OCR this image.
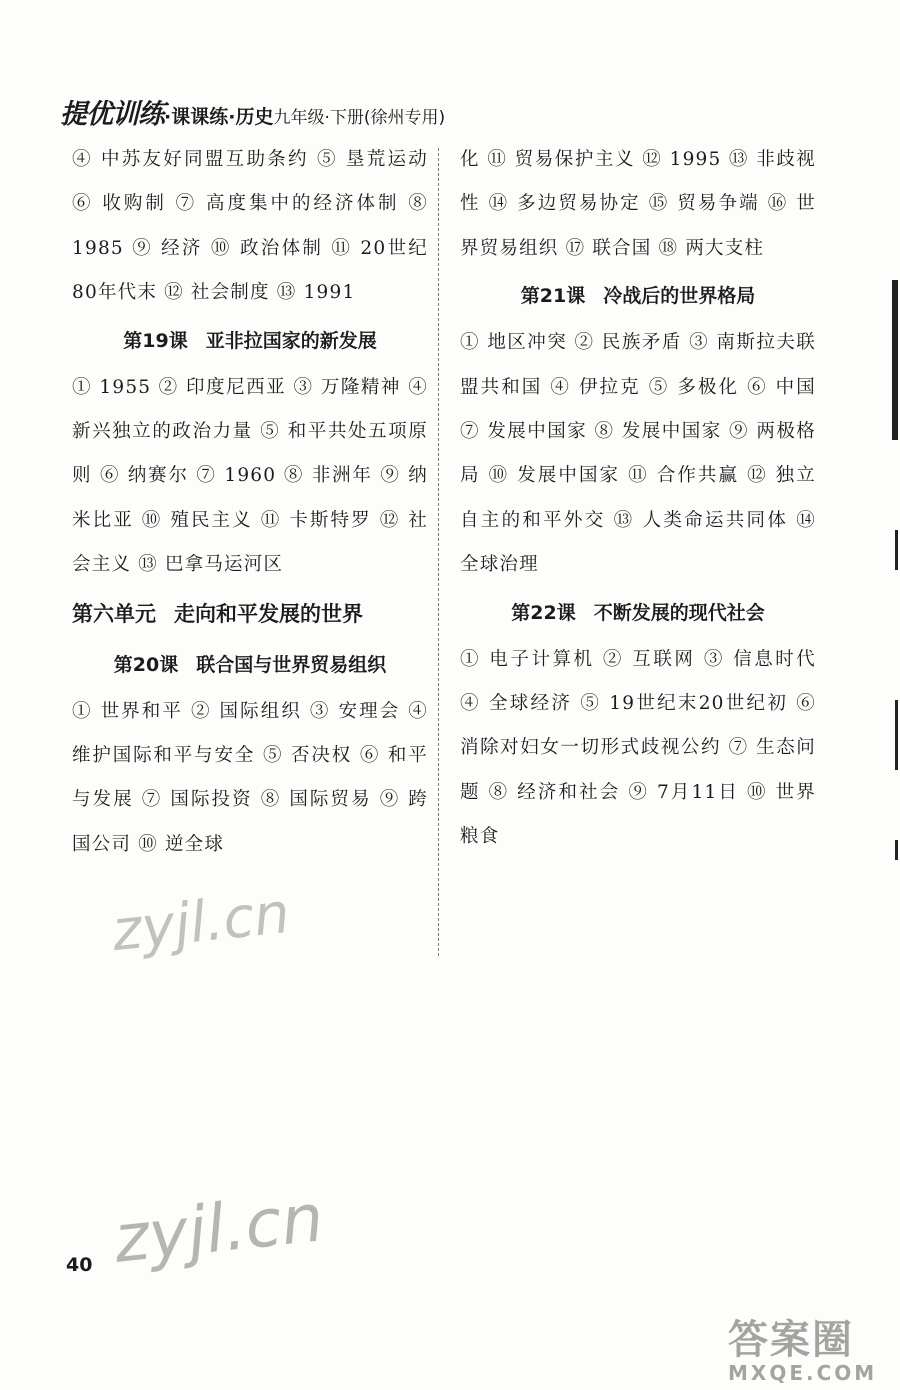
提优训练 ·课课练· 历史 九年级·下册(徐州专用)

④ 中苏友好同盟互助条约 ⑤ 垦荒运动 ⑥ 收购制 ⑦ 高度集中的经济体制 ⑧ 1985 ⑨ 经济 ⑩ 政治体制 ⑪ 20世纪80年代末 ⑫ 社会制度 ⑬ 1991

第19课 亚非拉国家的新发展

① 1955 ② 印度尼西亚 ③ 万隆精神 ④ 新兴独立的政治力量 ⑤ 和平共处五项原则 ⑥ 纳赛尔 ⑦ 1960 ⑧ 非洲年 ⑨ 纳米比亚 ⑩ 殖民主义 ⑪ 卡斯特罗 ⑫ 社会主义 ⑬ 巴拿马运河区

第六单元 走向和平发展的世界
第20课 联合国与世界贸易组织

① 世界和平 ② 国际组织 ③ 安理会 ④ 维护国际和平与安全 ⑤ 否决权 ⑥ 和平与发展 ⑦ 国际投资 ⑧ 国际贸易 ⑨ 跨国公司 ⑩ 逆全球

化 ⑪ 贸易保护主义 ⑫ 1995 ⑬ 非歧视性 ⑭ 多边贸易协定 ⑮ 贸易争端 ⑯ 世界贸易组织 ⑰ 联合国 ⑱ 两大支柱

第21课 冷战后的世界格局

① 地区冲突 ② 民族矛盾 ③ 南斯拉夫联盟共和国 ④ 伊拉克 ⑤ 多极化 ⑥ 中国 ⑦ 发展中国家 ⑧ 发展中国家 ⑨ 两极格局 ⑩ 发展中国家 ⑪ 合作共赢 ⑫ 独立自主的和平外交 ⑬ 人类命运共同体 ⑭ 全球治理

第22课 不断发展的现代社会

① 电子计算机 ② 互联网 ③ 信息时代 ④ 全球经济 ⑤ 19世纪末20世纪初 ⑥ 消除对妇女一切形式歧视公约 ⑦ 生态问题 ⑧ 经济和社会 ⑨ 7月11日 ⑩ 世界粮食

zyjl.cn
zyjl.cn
40
答案圈
MXQE.COM
